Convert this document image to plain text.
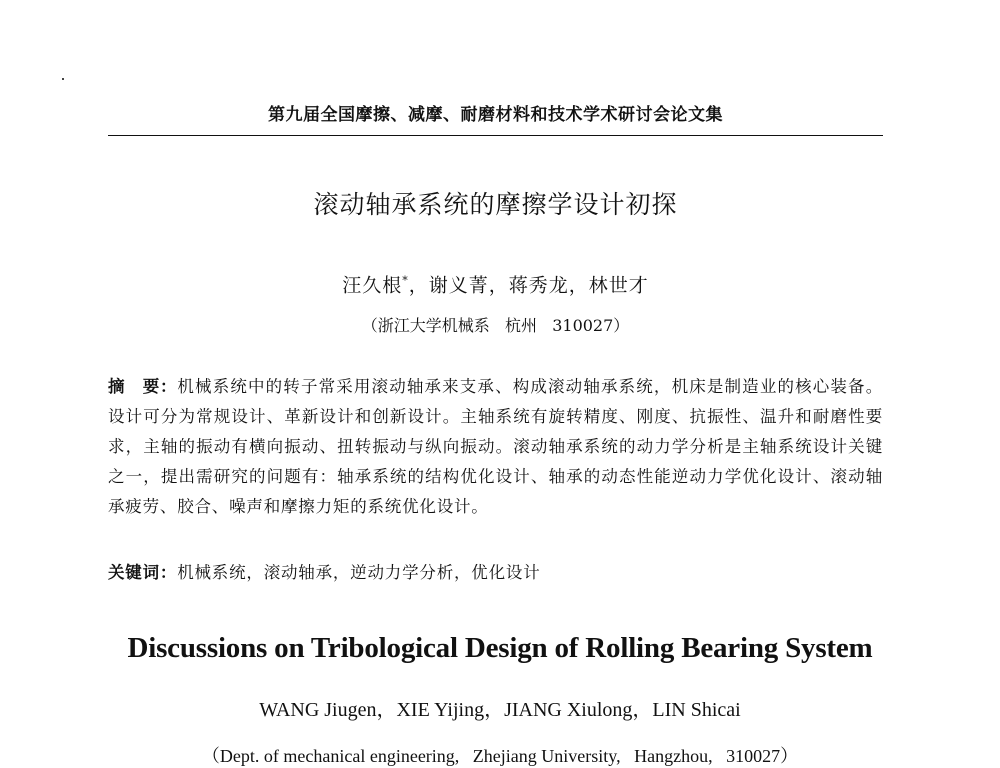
第九届全国摩擦、减摩、耐磨材料和技术学术研讨会论文集
滚动轴承系统的摩擦学设计初探
汪久根*，谢义菁，蒋秀龙，林世才
（浙江大学机械系   杭州   310027）
摘　要：机械系统中的转子常采用滚动轴承来支承、构成滚动轴承系统，机床是制造业的核心装备。设计可分为常规设计、革新设计和创新设计。主轴系统有旋转精度、刚度、抗振性、温升和耐磨性要求，主轴的振动有横向振动、扭转振动与纵向振动。滚动轴承系统的动力学分析是主轴系统设计关键之一，提出需研究的问题有：轴承系统的结构优化设计、轴承的动态性能逆动力学优化设计、滚动轴承疲劳、胶合、噪声和摩擦力矩的系统优化设计。
关键词：机械系统，滚动轴承，逆动力学分析，优化设计
Discussions on Tribological Design of Rolling Bearing System
WANG Jiugen，XIE Yijing，JIANG Xiulong，LIN Shicai
（Dept. of mechanical engineering,   Zhejiang University,   Hangzhou,   310027）
